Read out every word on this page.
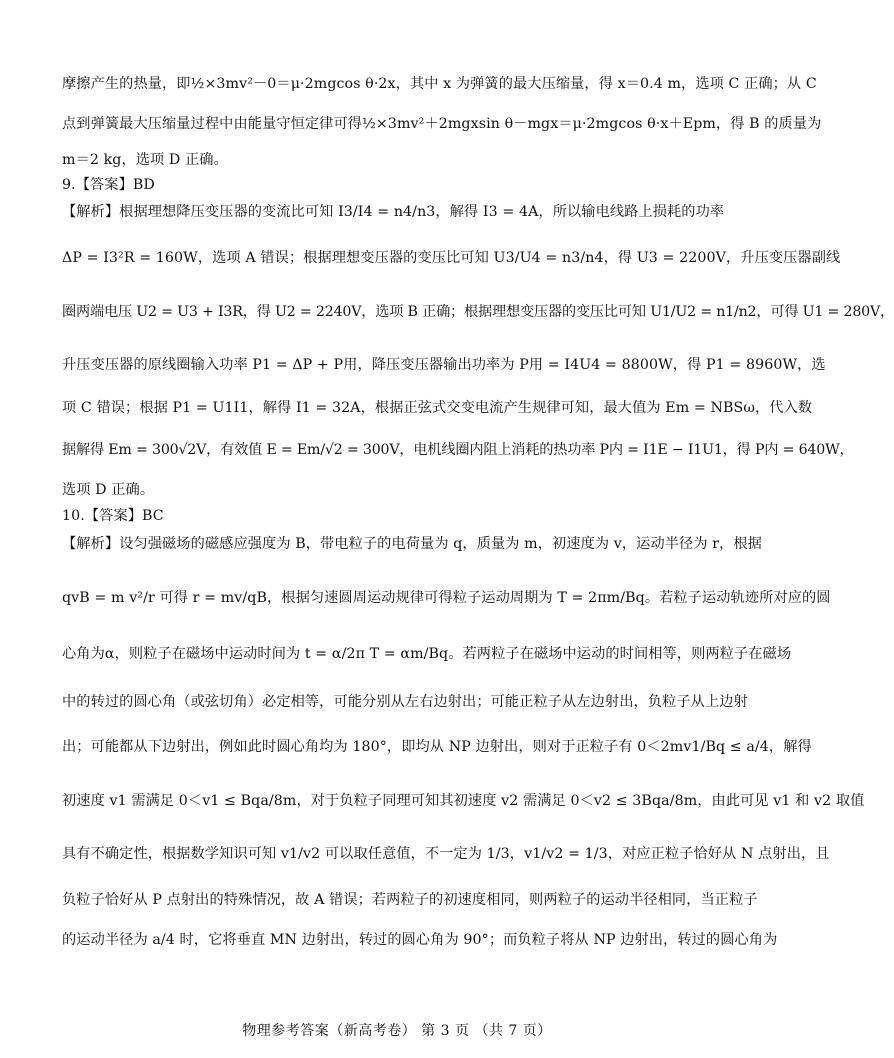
摩擦产生的热量，即½×3mv²－0＝μ·2mgcos θ·2x，其中 x 为弹簧的最大压缩量，得 x＝0.4 m，选项 C 正确；从 C
点到弹簧最大压缩量过程中由能量守恒定律可得½×3mv²＋2mgxsin θ－mgx＝μ·2mgcos θ·x＋Epm，得 B 的质量为
m＝2 kg，选项 D 正确。
9.【答案】BD
【解析】根据理想降压变压器的变流比可知 I3/I4 = n4/n3，解得 I3 = 4A，所以输电线路上损耗的功率
ΔP = I3²R = 160W，选项 A 错误；根据理想变压器的变压比可知 U3/U4 = n3/n4，得 U3 = 2200V，升压变压器副线
圈两端电压 U2 = U3 + I3R，得 U2 = 2240V，选项 B 正确；根据理想变压器的变压比可知 U1/U2 = n1/n2，可得 U1 = 280V，
升压变压器的原线圈输入功率 P1 = ΔP + P用，降压变压器输出功率为 P用 = I4U4 = 8800W，得 P1 = 8960W，选
项 C 错误；根据 P1 = U1I1，解得 I1 = 32A，根据正弦式交变电流产生规律可知，最大值为 Em = NBSω，代入数
据解得 Em = 300√2V，有效值 E = Em/√2 = 300V，电机线圈内阻上消耗的热功率 P内 = I1E − I1U1，得 P内 = 640W，
选项 D 正确。
10.【答案】BC
【解析】设匀强磁场的磁感应强度为 B，带电粒子的电荷量为 q，质量为 m，初速度为 v，运动半径为 r，根据
qvB = m v²/r 可得 r = mv/qB，根据匀速圆周运动规律可得粒子运动周期为 T = 2πm/Bq。若粒子运动轨迹所对应的圆
心角为α，则粒子在磁场中运动时间为 t = α/2π T = αm/Bq。若两粒子在磁场中运动的时间相等，则两粒子在磁场
中的转过的圆心角（或弦切角）必定相等，可能分别从左右边射出；可能正粒子从左边射出，负粒子从上边射
出；可能都从下边射出，例如此时圆心角均为 180°，即均从 NP 边射出，则对于正粒子有 0＜2mv1/Bq ≤ a/4，解得
初速度 v1 需满足 0＜v1 ≤ Bqa/8m，对于负粒子同理可知其初速度 v2 需满足 0＜v2 ≤ 3Bqa/8m，由此可见 v1 和 v2 取值
具有不确定性，根据数学知识可知 v1/v2 可以取任意值，不一定为 1/3，v1/v2 = 1/3，对应正粒子恰好从 N 点射出，且
负粒子恰好从 P 点射出的特殊情况，故 A 错误；若两粒子的初速度相同，则两粒子的运动半径相同，当正粒子
的运动半径为 a/4 时，它将垂直 MN 边射出，转过的圆心角为 90°；而负粒子将从 NP 边射出，转过的圆心角为
物理参考答案（新高考卷） 第 3 页 （共 7 页）
